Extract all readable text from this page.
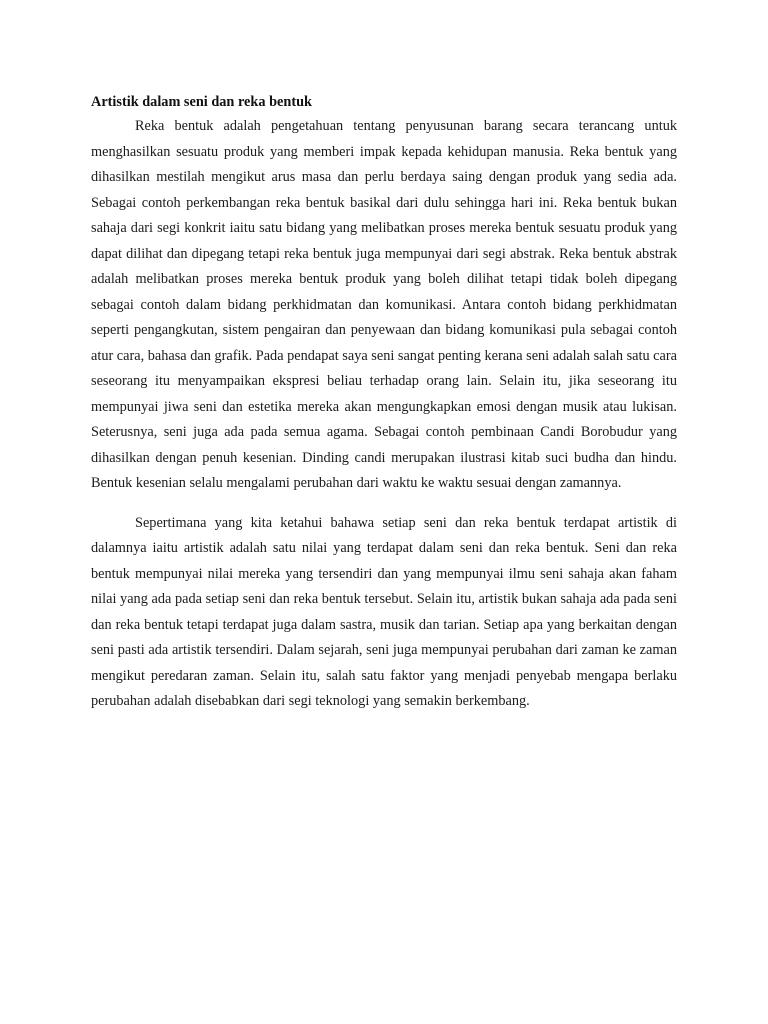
Artistik dalam seni dan reka bentuk

Reka bentuk adalah pengetahuan tentang penyusunan barang secara terancang untuk menghasilkan sesuatu produk yang memberi impak kepada kehidupan manusia. Reka bentuk yang dihasilkan mestilah mengikut arus masa dan perlu berdaya saing dengan produk yang sedia ada. Sebagai contoh perkembangan reka bentuk basikal dari dulu sehingga hari ini. Reka bentuk bukan sahaja dari segi konkrit iaitu satu bidang yang melibatkan proses mereka bentuk sesuatu produk yang dapat dilihat dan dipegang tetapi reka bentuk juga mempunyai dari segi abstrak. Reka bentuk abstrak adalah melibatkan proses mereka bentuk produk yang boleh dilihat tetapi tidak boleh dipegang sebagai contoh dalam bidang perkhidmatan dan komunikasi. Antara contoh bidang perkhidmatan seperti pengangkutan, sistem pengairan dan penyewaan dan bidang komunikasi pula sebagai contoh atur cara, bahasa dan grafik. Pada pendapat saya seni sangat penting kerana seni adalah salah satu cara seseorang itu menyampaikan ekspresi beliau terhadap orang lain. Selain itu, jika seseorang itu mempunyai jiwa seni dan estetika mereka akan mengungkapkan emosi dengan musik atau lukisan. Seterusnya, seni juga ada pada semua agama. Sebagai contoh pembinaan Candi Borobudur yang dihasilkan dengan penuh kesenian. Dinding candi merupakan ilustrasi kitab suci budha dan hindu. Bentuk kesenian selalu mengalami perubahan dari waktu ke waktu sesuai dengan zamannya.

Sepertimana yang kita ketahui bahawa setiap seni dan reka bentuk terdapat artistik di dalamnya iaitu artistik adalah satu nilai yang terdapat dalam seni dan reka bentuk. Seni dan reka bentuk mempunyai nilai mereka yang tersendiri dan yang mempunyai ilmu seni sahaja akan faham nilai yang ada pada setiap seni dan reka bentuk tersebut. Selain itu, artistik bukan sahaja ada pada seni dan reka bentuk tetapi terdapat juga dalam sastra, musik dan tarian. Setiap apa yang berkaitan dengan seni pasti ada artistik tersendiri. Dalam sejarah, seni juga mempunyai perubahan dari zaman ke zaman mengikut peredaran zaman. Selain itu, salah satu faktor yang menjadi penyebab mengapa berlaku perubahan adalah disebabkan dari segi teknologi yang semakin berkembang.
